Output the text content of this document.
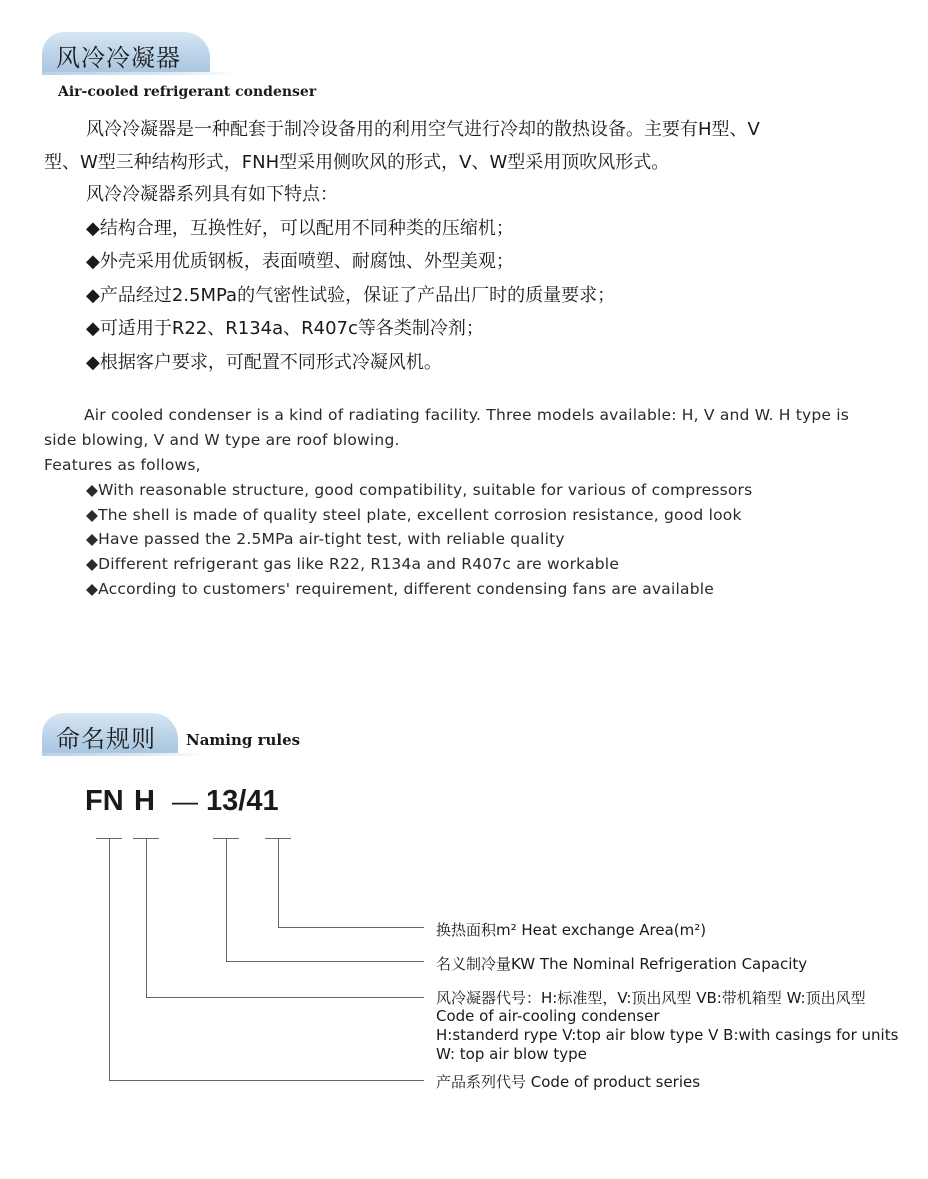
风冷冷凝器
Air-cooled refrigerant condenser
风冷冷凝器是一种配套于制冷设备用的利用空气进行冷却的散热设备。主要有H型、V
型、W型三种结构形式，FNH型采用侧吹风的形式，V、W型采用顶吹风形式。
风冷冷凝器系列具有如下特点：
◆结构合理，互换性好，可以配用不同种类的压缩机；
◆外壳采用优质钢板，表面喷塑、耐腐蚀、外型美观；
◆产品经过2.5MPa的气密性试验，保证了产品出厂时的质量要求；
◆可适用于R22、R134a、R407c等各类制冷剂；
◆根据客户要求，可配置不同形式冷凝风机。
Air cooled condenser is a kind of radiating facility. Three models available: H, V and W. H type is
side blowing, V and W type are roof blowing.
Features as follows,
◆With reasonable structure, good compatibility, suitable for various of compressors
◆The shell is made of quality steel plate, excellent corrosion resistance, good look
◆Have passed the 2.5MPa air-tight test, with reliable quality
◆Different refrigerant gas like R22, R134a and R407c are workable
◆According to customers' requirement, different condensing fans are available
命名规则 Naming rules
FN H — 13/41
换热面积m² Heat exchange Area(m²)
名义制冷量KW The Nominal Refrigeration Capacity
风冷凝器代号：H:标准型，V:顶出风型 VB:带机箱型 W:顶出风型
Code of air-cooling condenser
H:standerd rype V:top air blow type V B:with casings for units
W: top air blow type
产品系列代号 Code of product series
